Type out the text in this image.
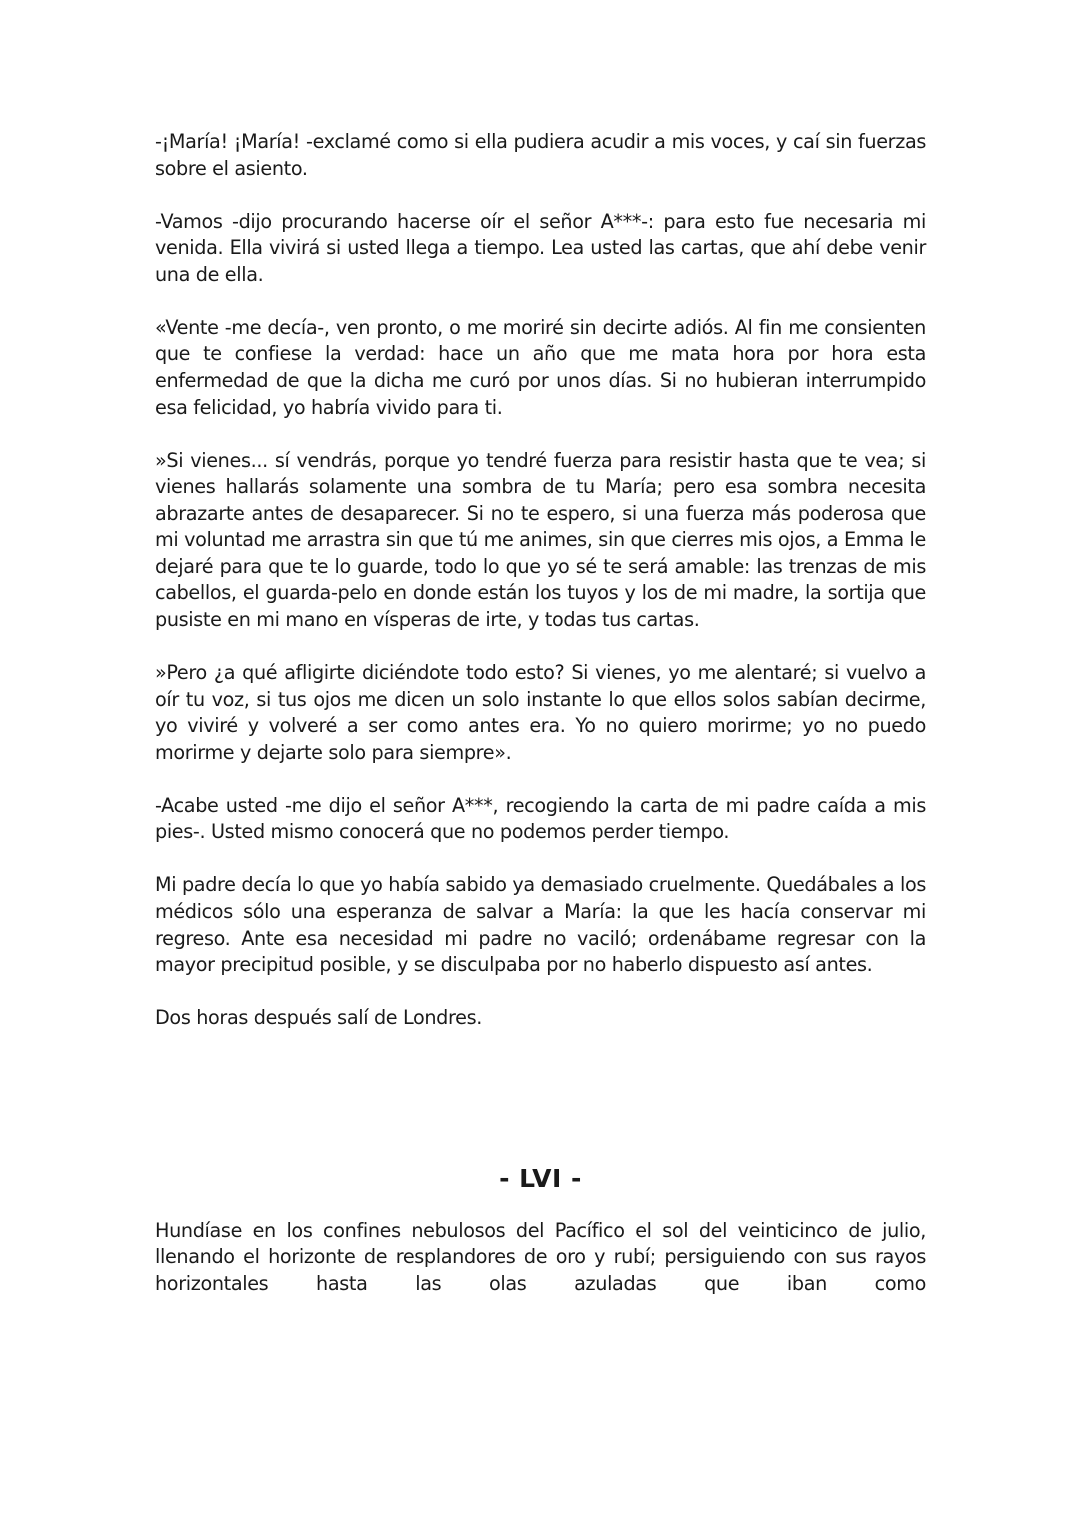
-¡María! ¡María! -exclamé como si ella pudiera acudir a mis voces, y caí sin fuerzas sobre el asiento.

-Vamos -dijo procurando hacerse oír el señor A***-: para esto fue necesaria mi venida. Ella vivirá si usted llega a tiempo. Lea usted las cartas, que ahí debe venir una de ella.

«Vente -me decía-, ven pronto, o me moriré sin decirte adiós. Al fin me consienten que te confiese la verdad: hace un año que me mata hora por hora esta enfermedad de que la dicha me curó por unos días. Si no hubieran interrumpido esa felicidad, yo habría vivido para ti.

»Si vienes... sí vendrás, porque yo tendré fuerza para resistir hasta que te vea; si vienes hallarás solamente una sombra de tu María; pero esa sombra necesita abrazarte antes de desaparecer. Si no te espero, si una fuerza más poderosa que mi voluntad me arrastra sin que tú me animes, sin que cierres mis ojos, a Emma le dejaré para que te lo guarde, todo lo que yo sé te será amable: las trenzas de mis cabellos, el guarda-pelo en donde están los tuyos y los de mi madre, la sortija que pusiste en mi mano en vísperas de irte, y todas tus cartas.

»Pero ¿a qué afligirte diciéndote todo esto? Si vienes, yo me alentaré; si vuelvo a oír tu voz, si tus ojos me dicen un solo instante lo que ellos solos sabían decirme, yo viviré y volveré a ser como antes era. Yo no quiero morirme; yo no puedo morirme y dejarte solo para siempre».

-Acabe usted -me dijo el señor A***, recogiendo la carta de mi padre caída a mis pies-. Usted mismo conocerá que no podemos perder tiempo.

Mi padre decía lo que yo había sabido ya demasiado cruelmente. Quedábales a los médicos sólo una esperanza de salvar a María: la que les hacía conservar mi regreso. Ante esa necesidad mi padre no vaciló; ordenábame regresar con la mayor precipitud posible, y se disculpaba por no haberlo dispuesto así antes.

Dos horas después salí de Londres.

- LVI -

Hundíase en los confines nebulosos del Pacífico el sol del veinticinco de julio, llenando el horizonte de resplandores de oro y rubí; persiguiendo con sus rayos horizontales hasta las olas azuladas que iban como
